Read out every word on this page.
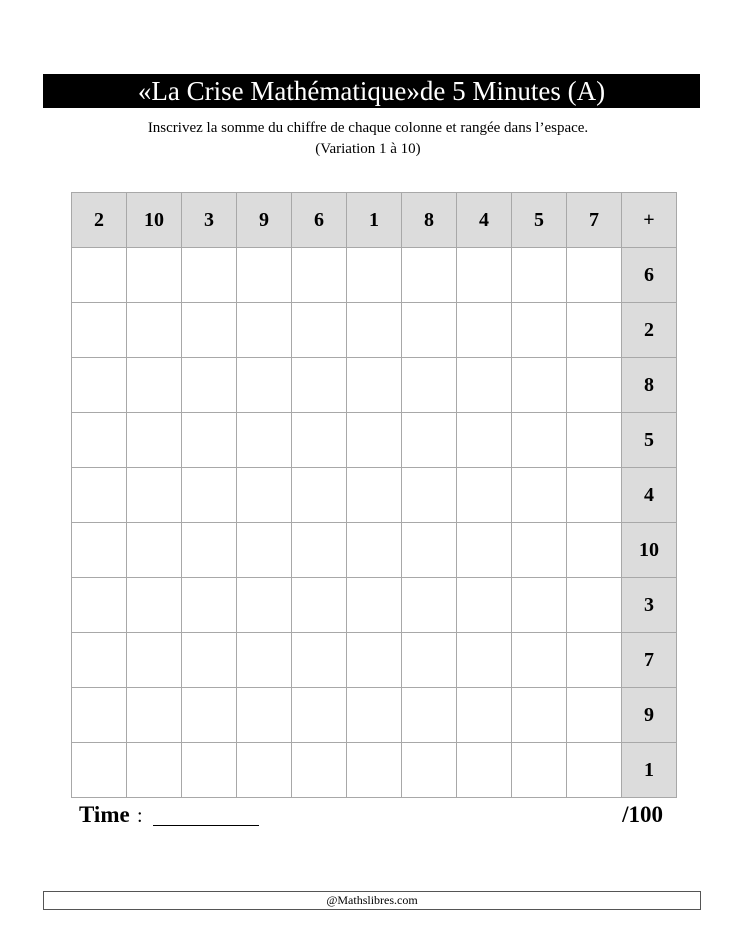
«La Crise Mathématique»de 5 Minutes (A)
Inscrivez la somme du chiffre de chaque colonne et rangée dans l’espace.
(Variation 1 à 10)
2	10	3	9	6	1	8	4	5	7	+
										6
										2
										8
										5
										4
										10
										3
										7
										9
										1
Time :	/100
@Mathslibres.com
